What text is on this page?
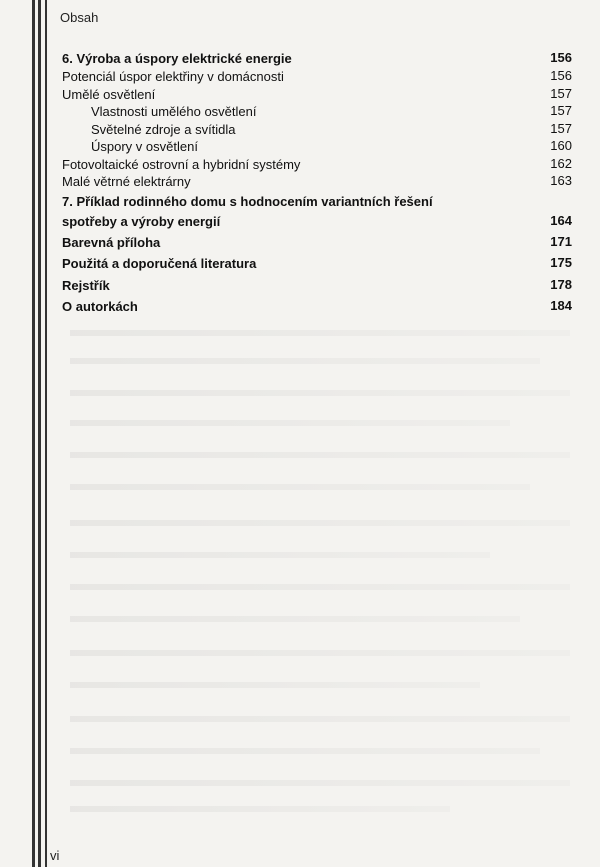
Obsah
6. Výroba a úspory elektrické energie	156
Potenciál úspor elektřiny v domácnosti	156
Umělé osvětlení	157
Vlastnosti umělého osvětlení	157
Světelné zdroje a svítidla	157
Úspory v osvětlení	160
Fotovoltaické ostrovní a hybridní systémy	162
Malé větrné elektrárny	163
7. Příklad rodinného domu s hodnocením variantních řešení
spotřeby a výroby energií	164
Barevná příloha	171
Použitá a doporučená literatura	175
Rejstřík	178
O autorkách	184
vi
